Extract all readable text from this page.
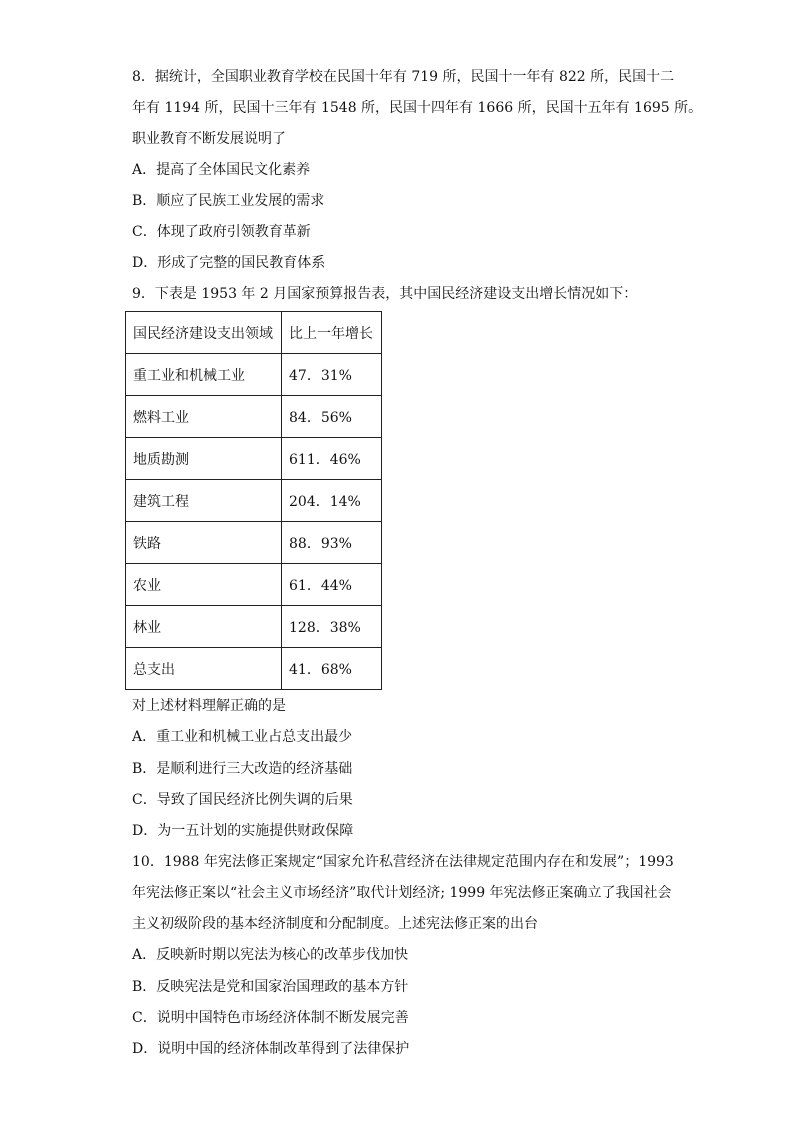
8．据统计，全国职业教育学校在民国十年有 719 所，民国十一年有 822 所，民国十二
年有 1194 所，民国十三年有 1548 所，民国十四年有 1666 所，民国十五年有 1695 所。
职业教育不断发展说明了
A．提高了全体国民文化素养
B．顺应了民族工业发展的需求
C．体现了政府引领教育革新
D．形成了完整的国民教育体系
9．下表是 1953 年 2 月国家预算报告表，其中国民经济建设支出增长情况如下：
国民经济建设支出领域	比上一年增长
重工业和机械工业	47．31%
燃料工业	84．56%
地质勘测	611．46%
建筑工程	204．14%
铁路	88．93%
农业	61．44%
林业	128．38%
总支出	41．68%
对上述材料理解正确的是
A．重工业和机械工业占总支出最少
B．是顺利进行三大改造的经济基础
C．导致了国民经济比例失调的后果
D．为一五计划的实施提供财政保障
10．1988 年宪法修正案规定“国家允许私营经济在法律规定范围内存在和发展”；1993
年宪法修正案以“社会主义市场经济”取代计划经济; 1999 年宪法修正案确立了我国社会
主义初级阶段的基本经济制度和分配制度。上述宪法修正案的出台
A．反映新时期以宪法为核心的改革步伐加快
B．反映宪法是党和国家治国理政的基本方针
C．说明中国特色市场经济体制不断发展完善
D．说明中国的经济体制改革得到了法律保护
